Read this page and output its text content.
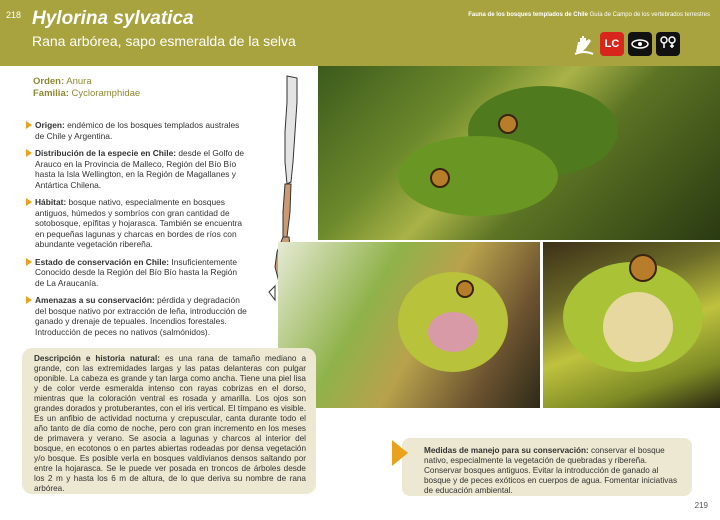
218 Hylorina sylvatica
Rana arbórea, sapo esmeralda de la selva
Fauna de los bosques templados de Chile Guía de Campo de los vertebrados terrestres
LC
Orden: Anura
Familia: Cycloramphidae
Origen: endémico de los bosques templados australes de Chile y Argentina.
Distribución de la especie en Chile: desde el Golfo de Arauco en la Provincia de Malleco, Región del Bío Bío hasta la Isla Wellington, en la Región de Magallanes y Antártica Chilena.
Hábitat: bosque nativo, especialmente en bosques antiguos, húmedos y sombríos con gran cantidad de sotobosque, epífitas y hojarasca. También se encuentra en pequeñas lagunas y charcas en bordes de ríos con abundante vegetación ribereña.
Estado de conservación en Chile: Insuficientemente Conocido desde la Región del Bío Bío hasta la Región de La Araucanía.
Amenazas a su conservación: pérdida y degradación del bosque nativo por extracción de leña, introducción de ganado y drenaje de tepuales. Incendios forestales. Introducción de peces no nativos (salmónidos).
Descripción e historia natural: es una rana de tamaño mediano a grande, con las extremidades largas y las patas delanteras con pulgar oponible. La cabeza es grande y tan larga como ancha. Tiene una piel lisa y de color verde esmeralda intenso con rayas cobrizas en el dorso, mientras que la coloración ventral es rosada y amarilla. Los ojos son grandes dorados y protuberantes, con el iris vertical. El tímpano es visible. Es un anfibio de actividad nocturna y crepuscular, canta durante todo el año tanto de día como de noche, pero con gran incremento en los meses de primavera y verano. Se asocia a lagunas y charcos al interior del bosque, en ecotonos o en partes abiertas rodeadas por densa vegetación y/o bosque. Es posible verla en bosques valdivianos densos saltando por entre la hojarasca. Se le puede ver posada en troncos de árboles desde los 2 m y hasta los 6 m de altura, de lo que deriva su nombre de rana arbórea.
Medidas de manejo para su conservación: conservar el bosque nativo, especialmente la vegetación de quebradas y ribereña. Conservar bosques antiguos. Evitar la introducción de ganado al bosque y de peces exóticos en cuerpos de agua. Fomentar iniciativas de educación ambiental.
219
